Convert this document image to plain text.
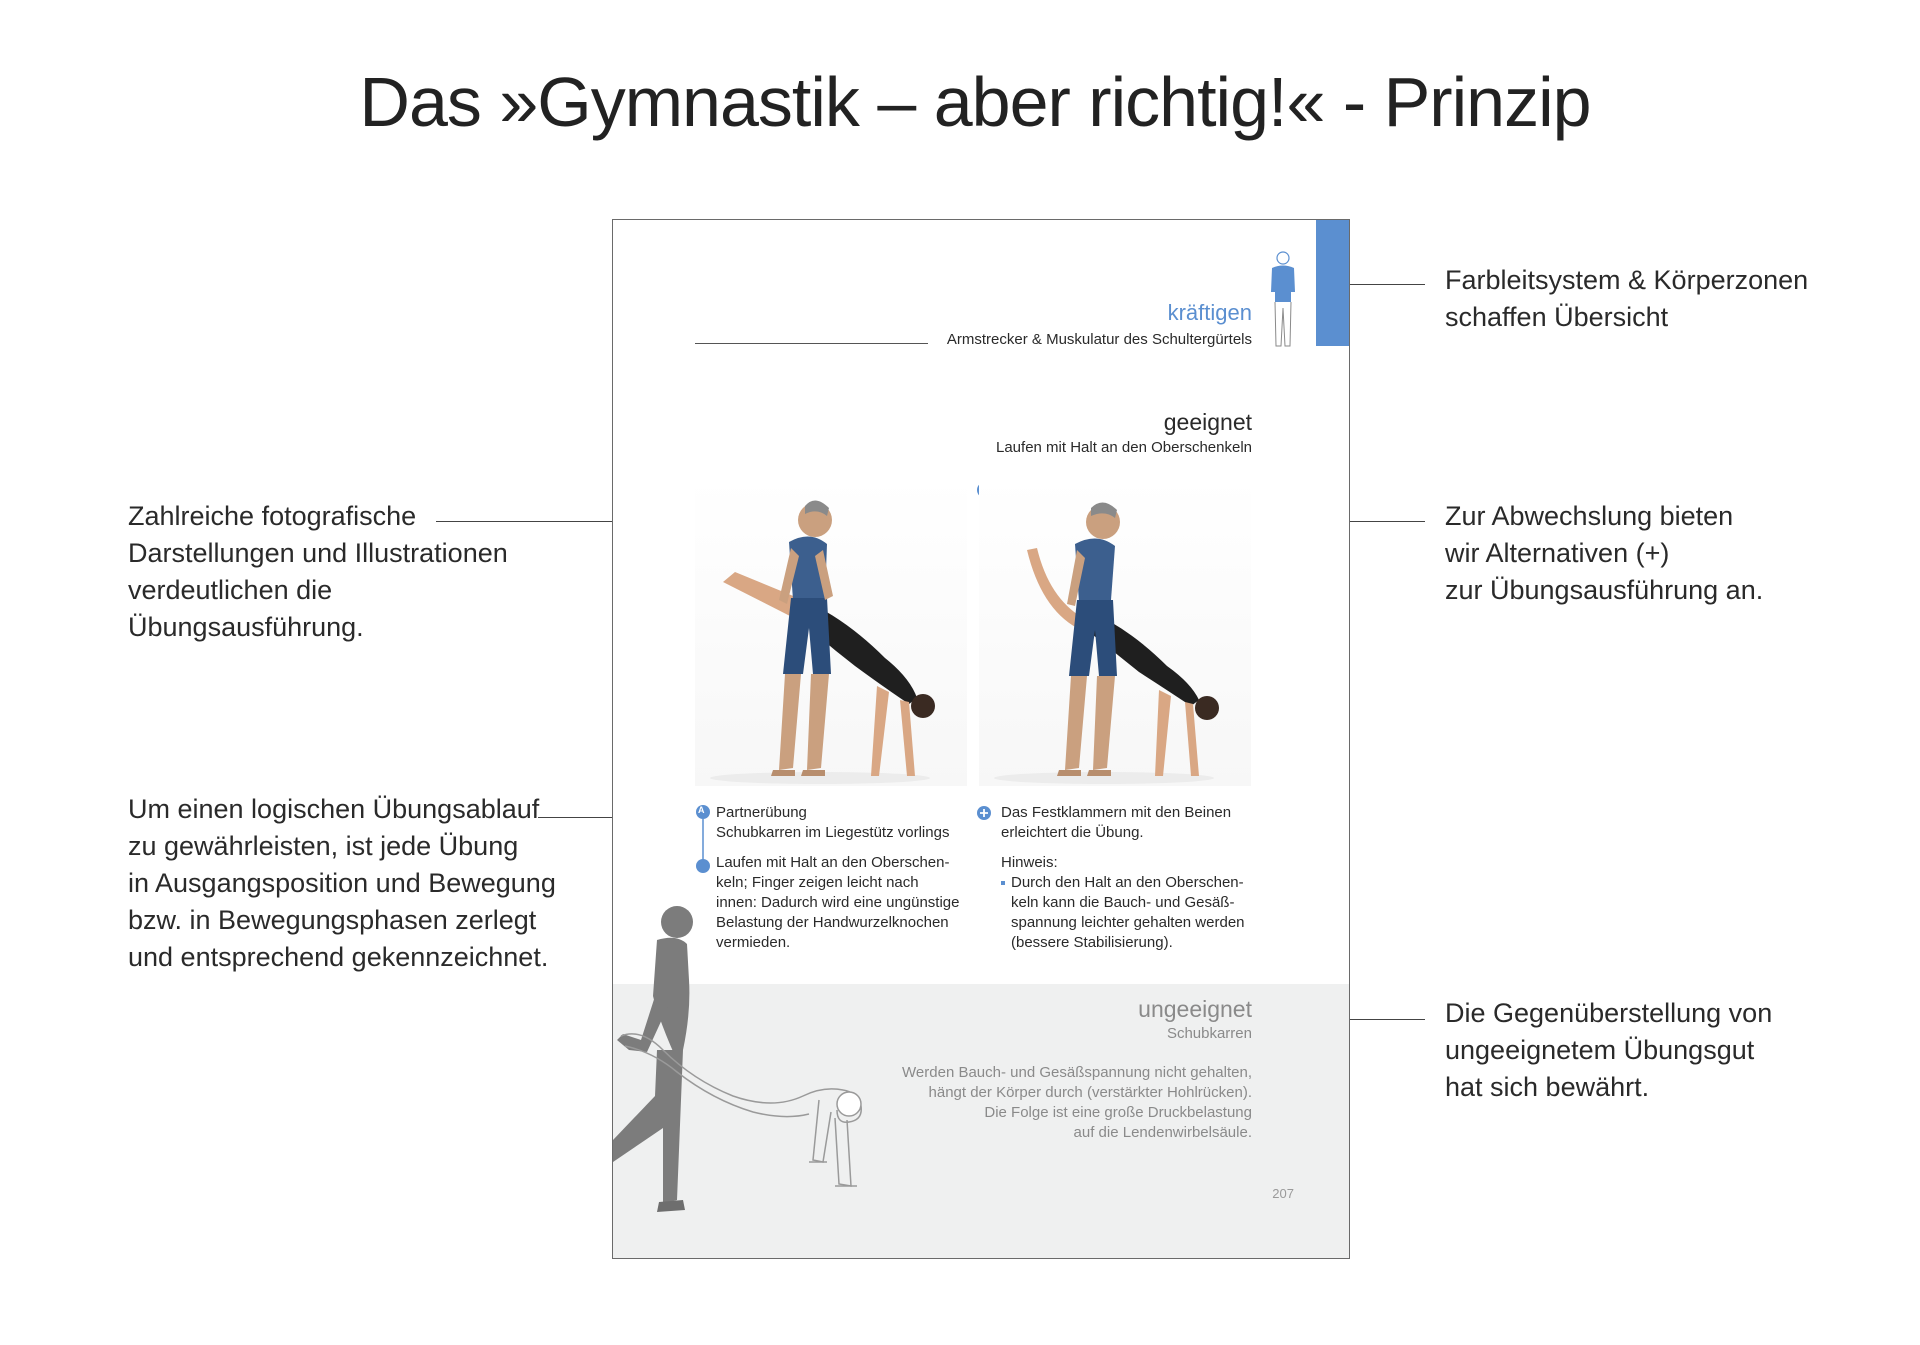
Das »Gymnastik – aber richtig!« - Prinzip
Zahlreiche fotografische
Darstellungen und Illustrationen
verdeutlichen die
Übungsausführung.
Um einen logischen Übungsablauf
zu gewährleisten, ist jede Übung
in Ausgangsposition und Bewegung
bzw. in Bewegungsphasen zerlegt
und entsprechend gekennzeichnet.
Farbleitsystem & Körperzonen
schaffen Übersicht
Zur Abwechslung bieten
wir Alternativen (+)
zur Übungsausführung an.
Die Gegenüberstellung von
ungeeignetem Übungsgut
hat sich bewährt.
kräftigen
Armstrecker & Muskulatur des Schultergürtels
geeignet
Laufen mit Halt an den Oberschenkeln
A Partnerübung
Schubkarren im Liegestütz vorlings
Laufen mit Halt an den Oberschen-
keln; Finger zeigen leicht nach
innen: Dadurch wird eine ungünstige
Belastung der Handwurzelknochen
vermieden.
Das Festklammern mit den Beinen
erleichtert die Übung.
Hinweis:
Durch den Halt an den Oberschen-
keln kann die Bauch- und Gesäß-
spannung leichter gehalten werden
(bessere Stabilisierung).
ungeeignet
Schubkarren
Werden Bauch- und Gesäßspannung nicht gehalten,
hängt der Körper durch (verstärkter Hohlrücken).
Die Folge ist eine große Druckbelastung
auf die Lendenwirbelsäule.
207
